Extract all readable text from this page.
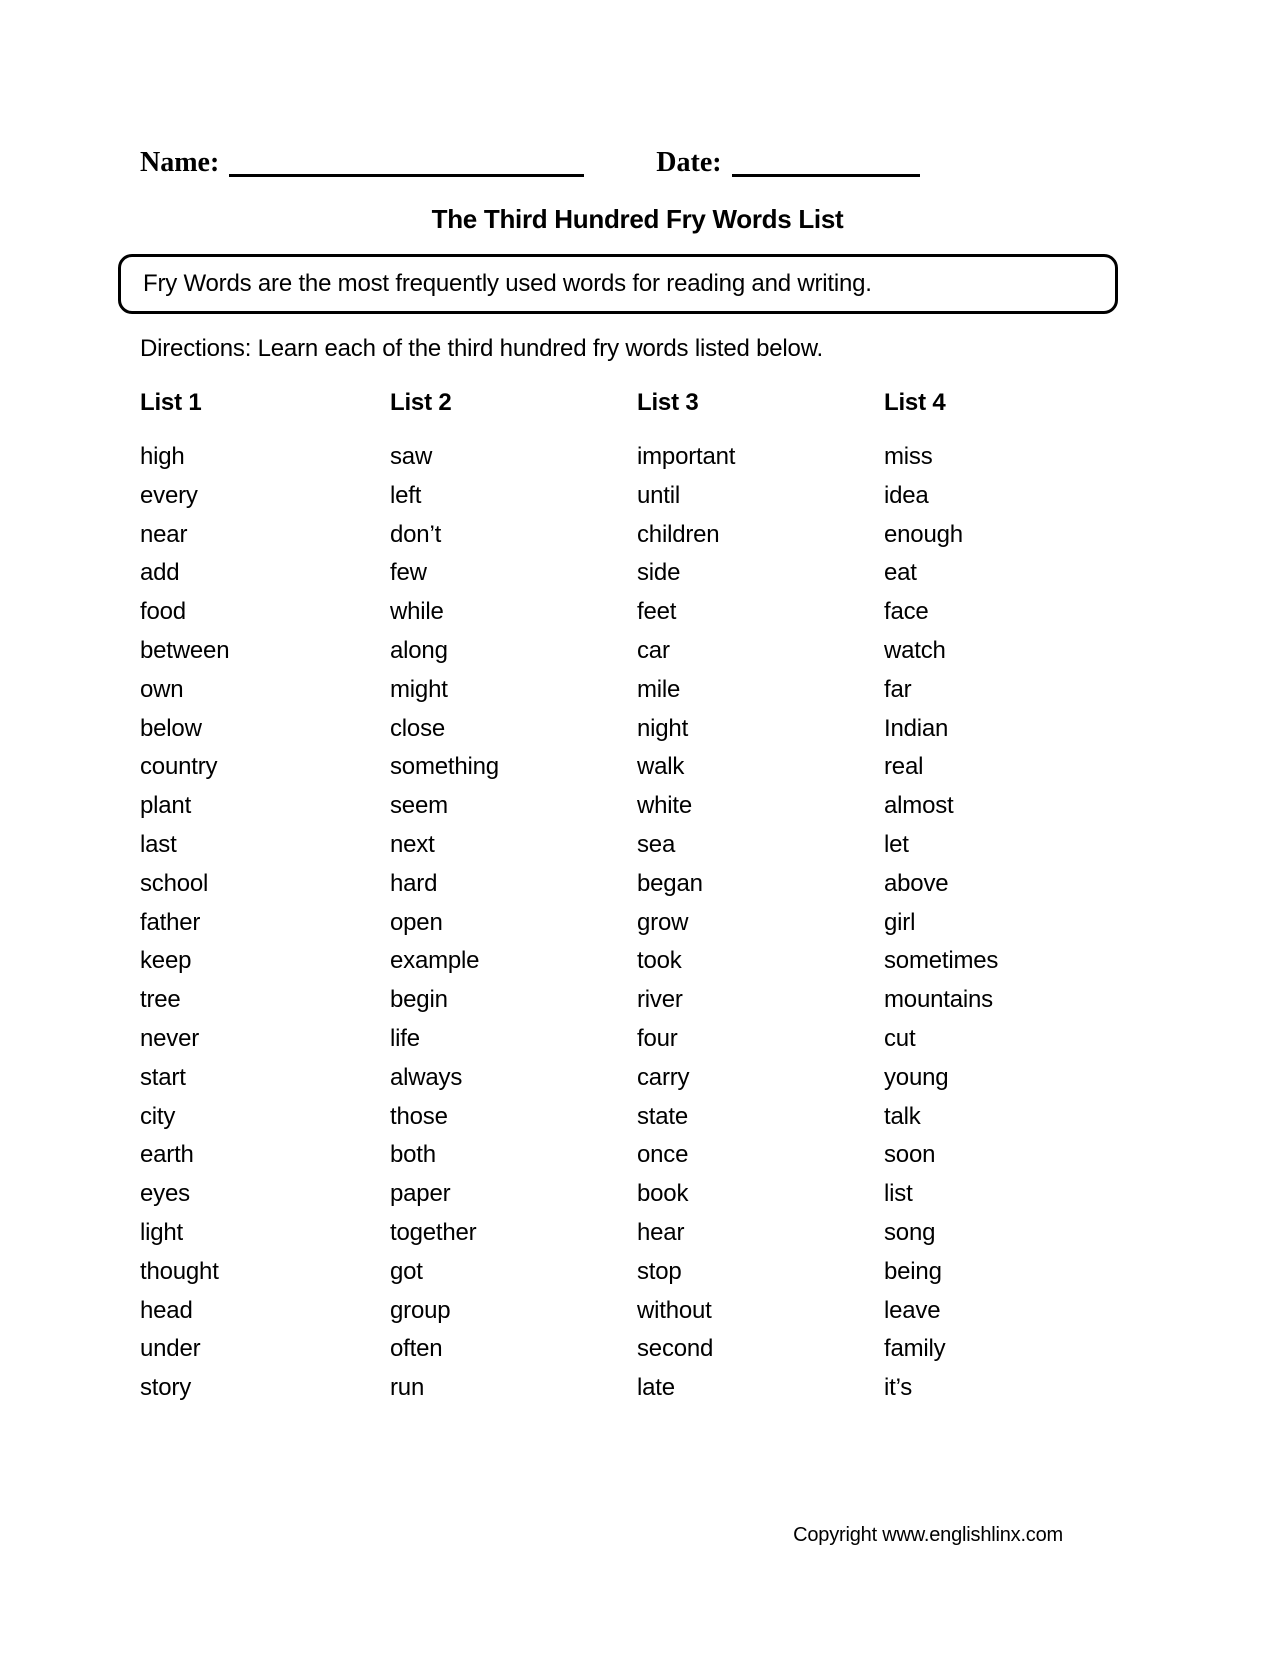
Name:	Date:
The Third Hundred Fry Words List
Fry Words are the most frequently used words for reading and writing.
Directions: Learn each of the third hundred fry words listed below.
List 1
high
every
near
add
food
between
own
below
country
plant
last
school
father
keep
tree
never
start
city
earth
eyes
light
thought
head
under
story
List 2
saw
left
don’t
few
while
along
might
close
something
seem
next
hard
open
example
begin
life
always
those
both
paper
together
got
group
often
run
List 3
important
until
children
side
feet
car
mile
night
walk
white
sea
began
grow
took
river
four
carry
state
once
book
hear
stop
without
second
late
List 4
miss
idea
enough
eat
face
watch
far
Indian
real
almost
let
above
girl
sometimes
mountains
cut
young
talk
soon
list
song
being
leave
family
it’s
Copyright www.englishlinx.com
